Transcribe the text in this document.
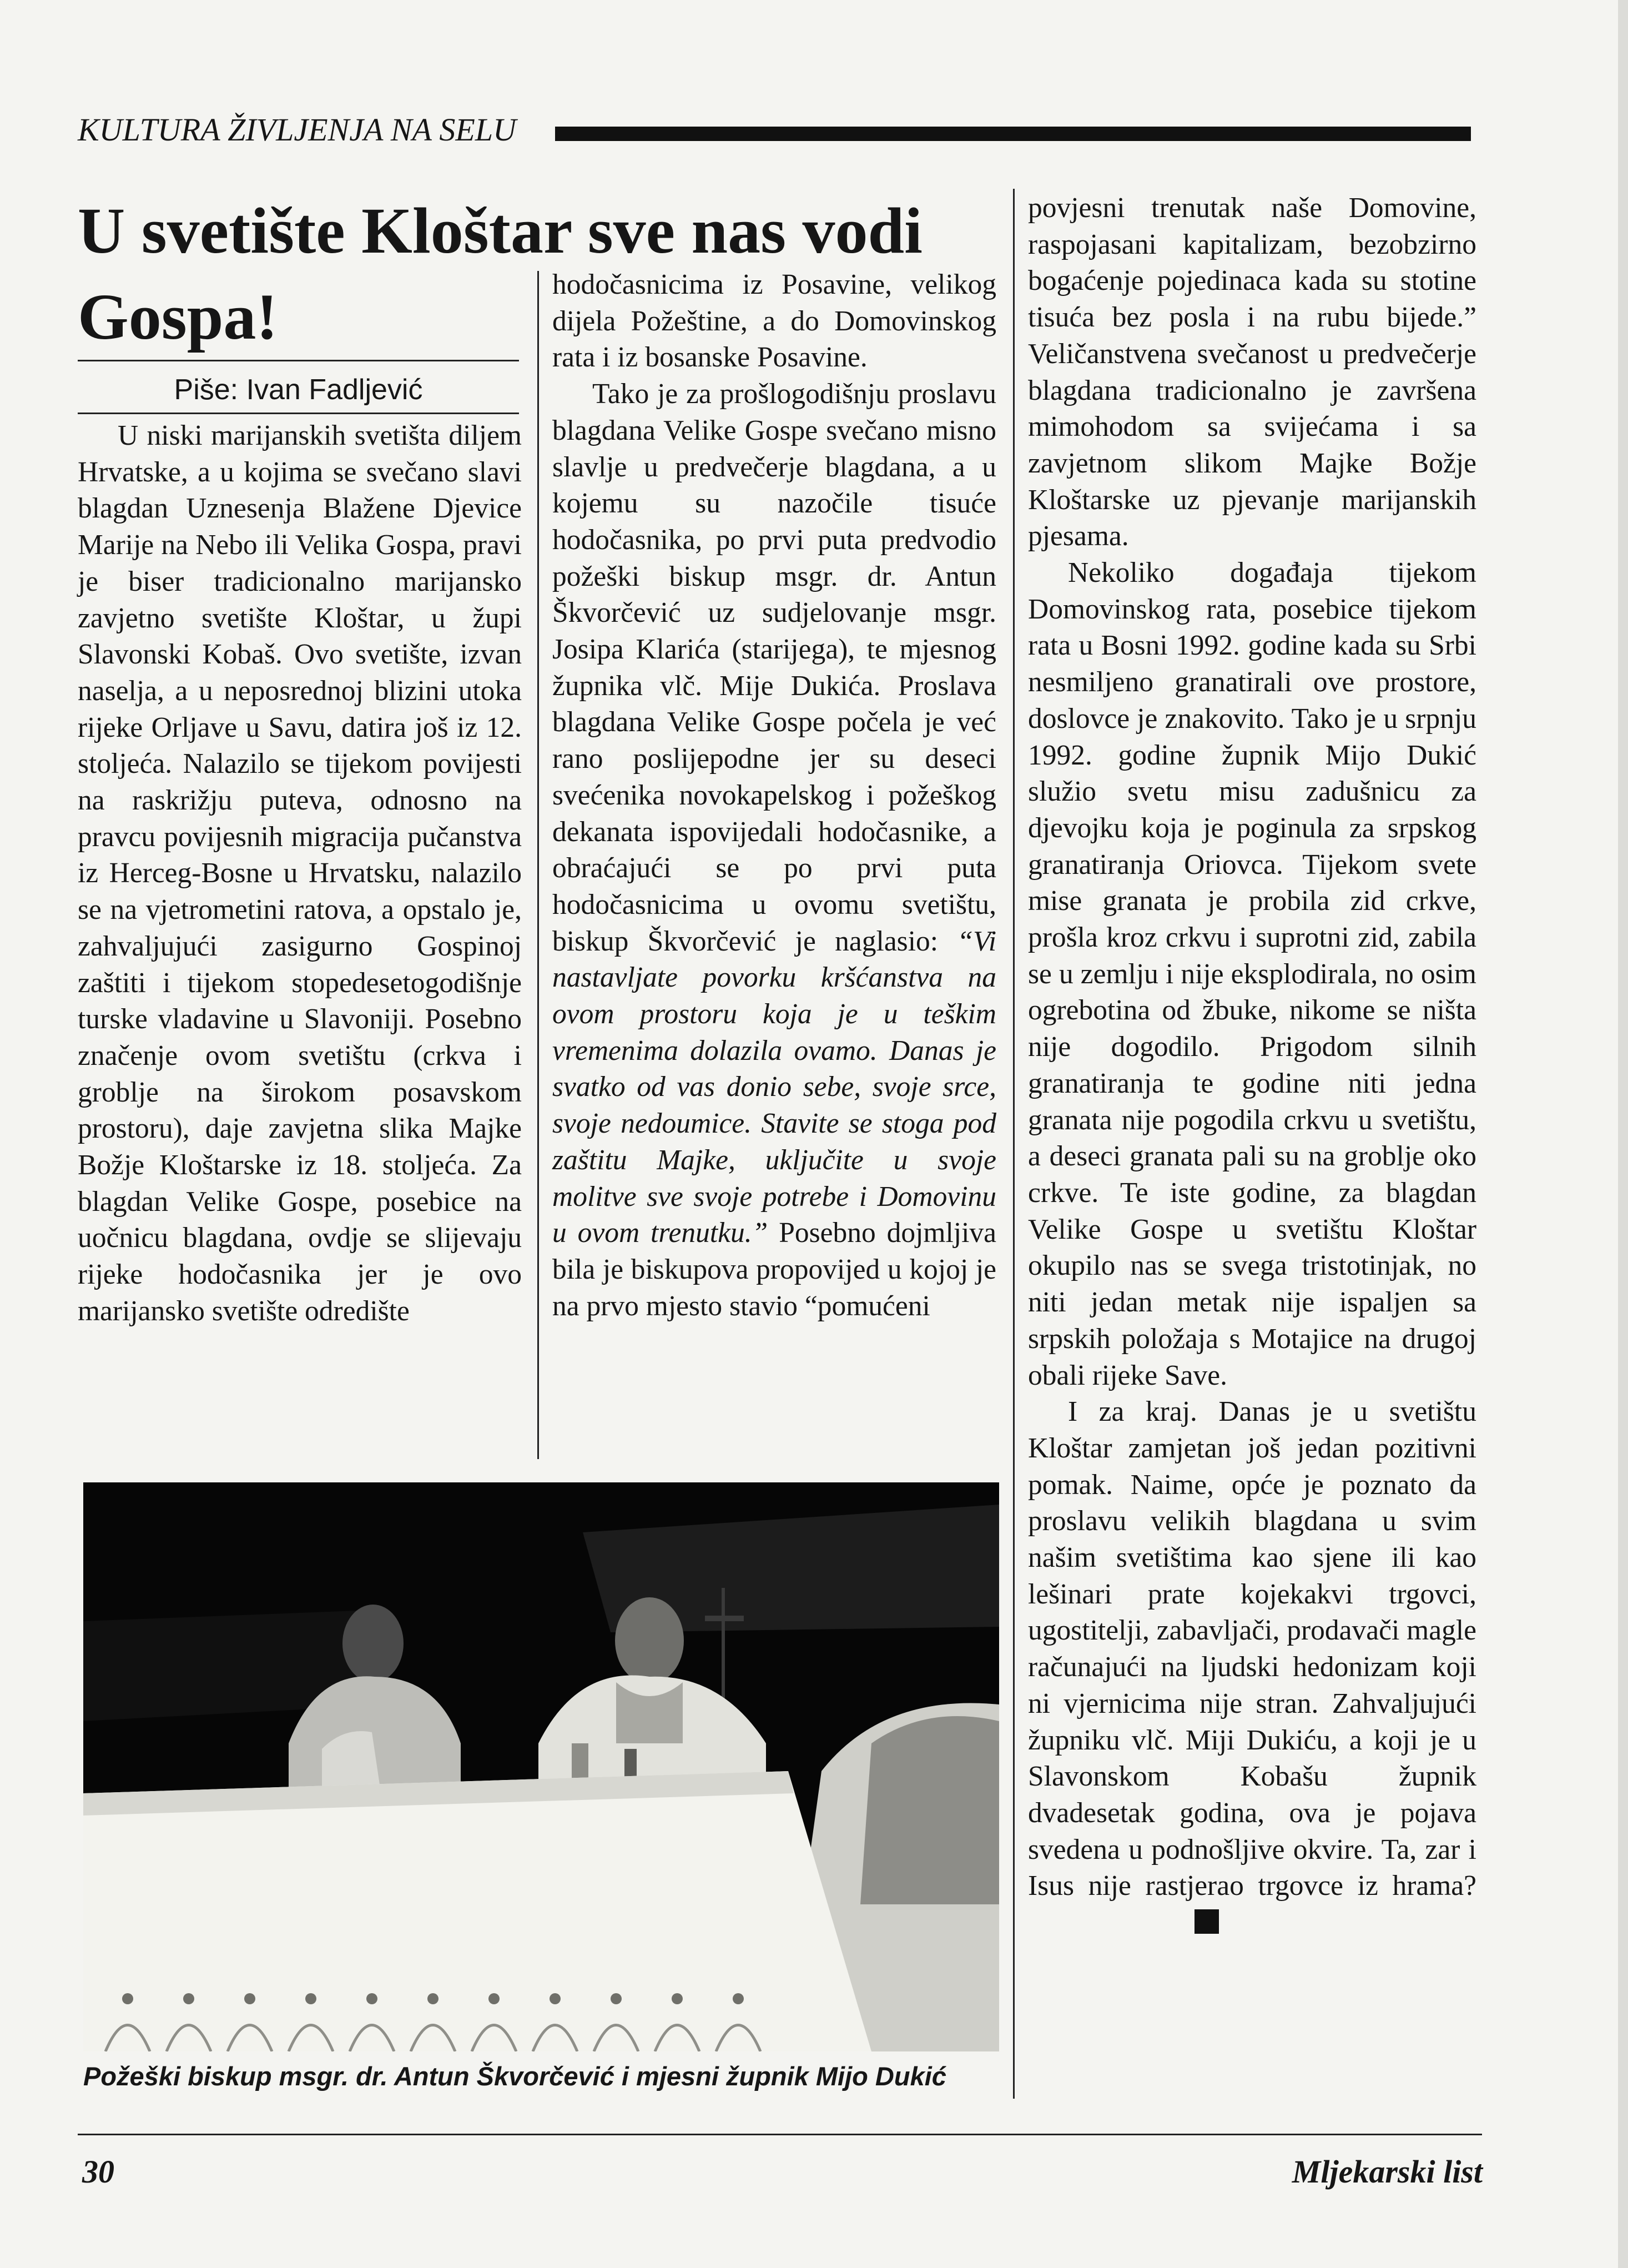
KULTURA ŽIVLJENJA NA SELU
U svetište Kloštar sve nas vodi Gospa!
Piše: Ivan Fadljević

U niski marijanskih svetišta diljem Hrvatske, a u kojima se svečano slavi blagdan Uznesenja Blažene Djevice Marije na Nebo ili Velika Gospa, pravi je biser tradicionalno marijansko zavjetno svetište Kloštar, u župi Slavonski Kobaš. Ovo svetište, izvan naselja, a u neposrednoj blizini utoka rijeke Orljave u Savu, datira još iz 12. stoljeća. Nalazilo se tijekom povijesti na raskrižju puteva, odnosno na pravcu povijesnih migracija pučanstva iz Herceg-Bosne u Hrvatsku, nalazilo se na vjetrometini ratova, a opstalo je, zahvaljujući zasigurno Gospinoj zaštiti i tijekom stopedesetogodišnje turske vladavine u Slavoniji. Posebno značenje ovom svetištu (crkva i groblje na širokom posavskom prostoru), daje zavjetna slika Majke Božje Kloštarske iz 18. stoljeća. Za blagdan Velike Gospe, posebice na uočnicu blagdana, ovdje se slijevaju rijeke hodočasnika jer je ovo marijansko svetište odredište

hodočasnicima iz Posavine, velikog dijela Požeštine, a do Domovinskog rata i iz bosanske Posavine.

Tako je za prošlogodišnju proslavu blagdana Velike Gospe svečano misno slavlje u predvečerje blagdana, a u kojemu su nazočile tisuće hodočasnika, po prvi puta predvodio požeški biskup msgr. dr. Antun Škvorčević uz sudjelovanje msgr. Josipa Klarića (starijega), te mjesnog župnika vlč. Mije Dukića. Proslava blagdana Velike Gospe počela je već rano poslijepodne jer su deseci svećenika novokapelskog i požeškog dekanata ispovijedali hodočasnike, a obraćajući se po prvi puta hodočasnicima u ovomu svetištu, biskup Škvorčević je naglasio: “Vi nastavljate povorku kršćanstva na ovom prostoru koja je u teškim vremenima dolazila ovamo. Danas je svatko od vas donio sebe, svoje srce, svoje nedoumice. Stavite se stoga pod zaštitu Majke, uključite u svoje molitve sve svoje potrebe i Domovinu u ovom trenutku.” Posebno dojmljiva bila je biskupova propovijed u kojoj je na prvo mjesto stavio “pomućeni

povjesni trenutak naše Domovine, raspojasani kapitalizam, bezobzirno bogaćenje pojedinaca kada su stotine tisuća bez posla i na rubu bijede.” Veličanstvena svečanost u predvečerje blagdana tradicionalno je završena mimohodom sa svijećama i sa zavjetnom slikom Majke Božje Kloštarske uz pjevanje marijanskih pjesama.

Nekoliko događaja tijekom Domovinskog rata, posebice tijekom rata u Bosni 1992. godine kada su Srbi nesmiljeno granatirali ove prostore, doslovce je znakovito. Tako je u srpnju 1992. godine župnik Mijo Dukić služio svetu misu zadušnicu za djevojku koja je poginula za srpskog granatiranja Oriovca. Tijekom svete mise granata je probila zid crkve, prošla kroz crkvu i suprotni zid, zabila se u zemlju i nije eksplodirala, no osim ogrebotina od žbuke, nikome se ništa nije dogodilo. Prigodom silnih granatiranja te godine niti jedna granata nije pogodila crkvu u svetištu, a deseci granata pali su na groblje oko crkve. Te iste godine, za blagdan Velike Gospe u svetištu Kloštar okupilo nas se svega tristotinjak, no niti jedan metak nije ispaljen sa srpskih položaja s Motajice na drugoj obali rijeke Save.

I za kraj. Danas je u svetištu Kloštar zamjetan još jedan pozitivni pomak. Naime, opće je poznato da proslavu velikih blagdana u svim našim svetištima kao sjene ili kao lešinari prate kojekakvi trgovci, ugostitelji, zabavljači, prodavači magle računajući na ljudski hedonizam koji ni vjernicima nije stran. Zahvaljujući župniku vlč. Miji Dukiću, a koji je u Slavonskom Kobašu župnik dvadesetak godina, ova je pojava svedena u podnošljive okvire. Ta, zar i Isus nije rastjerao trgovce iz hrama?

Požeški biskup msgr. dr. Antun Škvorčević i mjesni župnik Mijo Dukić
30	Mljekarski list
